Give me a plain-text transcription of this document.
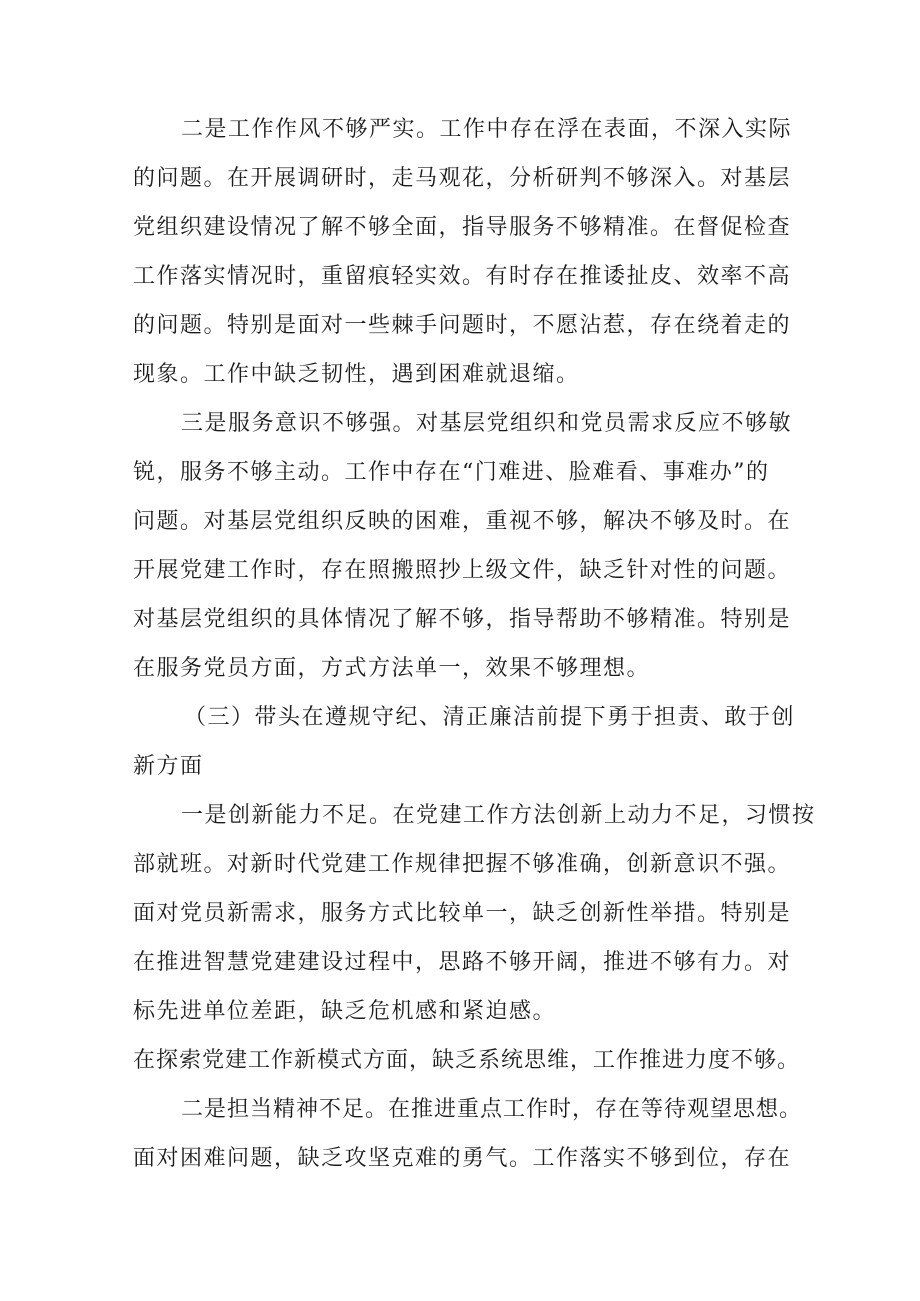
二是工作作风不够严实。工作中存在浮在表面，不深入实际
的问题。在开展调研时，走马观花，分析研判不够深入。对基层
党组织建设情况了解不够全面，指导服务不够精准。在督促检查
工作落实情况时，重留痕轻实效。有时存在推诿扯皮、效率不高
的问题。特别是面对一些棘手问题时，不愿沾惹，存在绕着走的
现象。工作中缺乏韧性，遇到困难就退缩。
三是服务意识不够强。对基层党组织和党员需求反应不够敏
锐，服务不够主动。工作中存在“门难进、脸难看、事难办”的
问题。对基层党组织反映的困难，重视不够，解决不够及时。在
开展党建工作时，存在照搬照抄上级文件，缺乏针对性的问题。
对基层党组织的具体情况了解不够，指导帮助不够精准。特别是
在服务党员方面，方式方法单一，效果不够理想。
（三）带头在遵规守纪、清正廉洁前提下勇于担责、敢于创
新方面
一是创新能力不足。在党建工作方法创新上动力不足，习惯按
部就班。对新时代党建工作规律把握不够准确，创新意识不强。
面对党员新需求，服务方式比较单一，缺乏创新性举措。特别是
在推进智慧党建建设过程中，思路不够开阔，推进不够有力。对
标先进单位差距，缺乏危机感和紧迫感。
在探索党建工作新模式方面，缺乏系统思维，工作推进力度不够。
二是担当精神不足。在推进重点工作时，存在等待观望思想。
面对困难问题，缺乏攻坚克难的勇气。工作落实不够到位，存在
